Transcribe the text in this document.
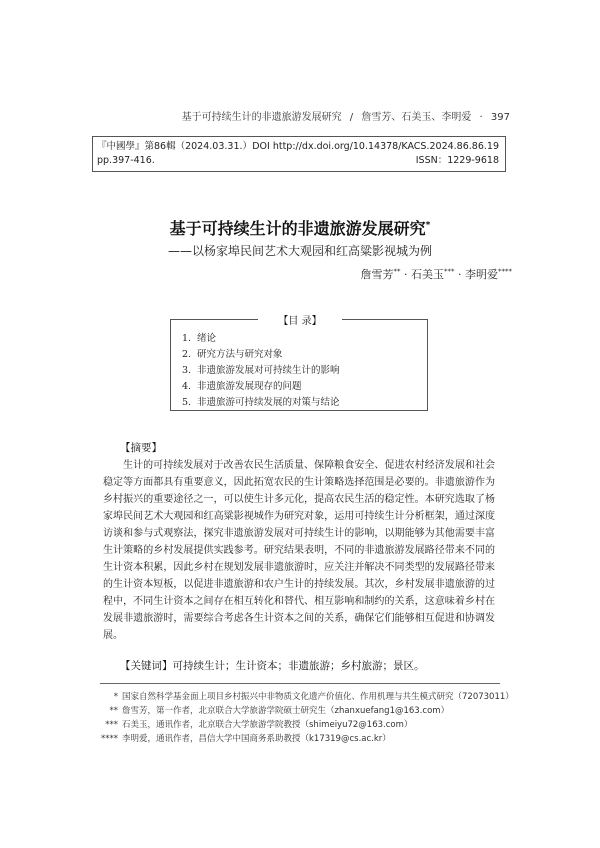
基于可持续生计的非遗旅游发展研究 / 詹雪芳、石美玉、李明爱 · 397
『中國學』第86輯（2024.03.31.） DOI http://dx.doi.org/10.14378/KACS.2024.86.86.19
pp.397-416.	ISSN：1229-9618
基于可持续生计的非遗旅游发展研究*
——以杨家埠民间艺术大观园和红高粱影视城为例
詹雪芳** · 石美玉*** · 李明爱****
【目 录】
1. 绪论
2. 研究方法与研究对象
3. 非遗旅游发展对可持续生计的影响
4. 非遗旅游发展现存的问题
5. 非遗旅游可持续发展的对策与结论
【摘要】

生计的可持续发展对于改善农民生活质量、保障粮食安全、促进农村经济发展和社会稳定等方面都具有重要意义，因此拓宽农民的生计策略选择范围是必要的。非遗旅游作为乡村振兴的重要途径之一，可以使生计多元化，提高农民生活的稳定性。本研究选取了杨家埠民间艺术大观园和红高粱影视城作为研究对象，运用可持续生计分析框架，通过深度访谈和参与式观察法，探究非遗旅游发展对可持续生计的影响，以期能够为其他需要丰富生计策略的乡村发展提供实践参考。研究结果表明，不同的非遗旅游发展路径带来不同的生计资本积累，因此乡村在规划发展非遗旅游时，应关注并解决不同类型的发展路径带来的生计资本短板，以促进非遗旅游和农户生计的持续发展。其次，乡村发展非遗旅游的过程中，不同生计资本之间存在相互转化和替代、相互影响和制约的关系，这意味着乡村在发展非遗旅游时，需要综合考虑各生计资本之间的关系，确保它们能够相互促进和协调发展。

【关键词】可持续生计；生计资本；非遗旅游；乡村旅游；景区。
* 国家自然科学基金面上项目乡村振兴中非物质文化遗产价值化、作用机理与共生模式研究（72073011）
** 詹雪芳，第一作者，北京联合大学旅游学院硕士研究生（zhanxuefang1@163.com）
*** 石美玉，通讯作者，北京联合大学旅游学院教授（shimeiyu72@163.com）
**** 李明爱，通讯作者，昌信大学中国商务系助教授（k17319@cs.ac.kr）
